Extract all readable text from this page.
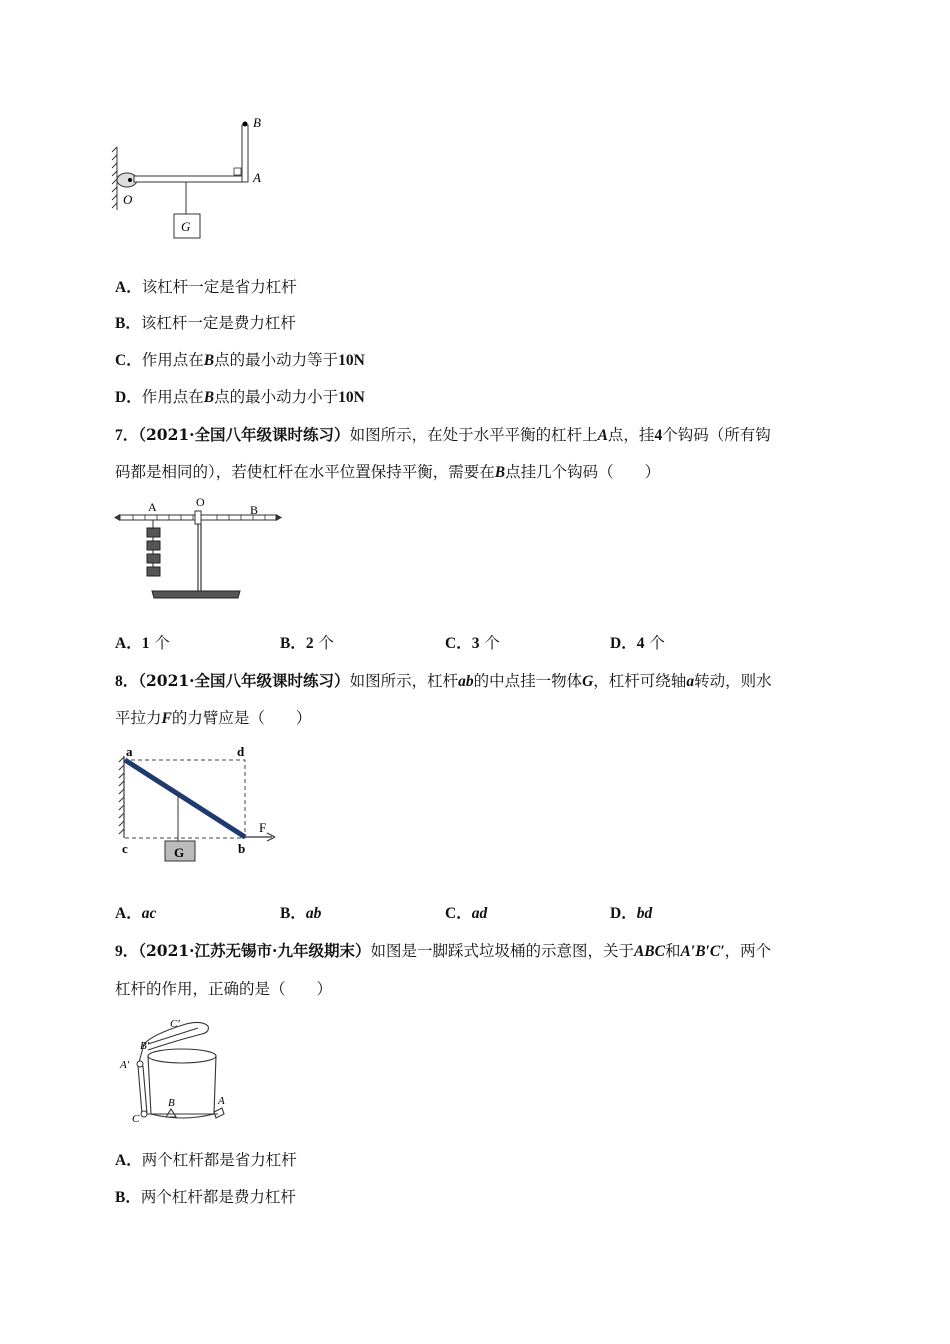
B
A
O
G
A．该杠杆一定是省力杠杆
B．该杠杆一定是费力杠杆
C．作用点在B点的最小动力等于10N
D．作用点在B点的最小动力小于10N
7．（2021·全国八年级课时练习）如图所示，在处于水平平衡的杠杆上A点，挂4个钩码（所有钩
码都是相同的），若使杠杆在水平位置保持平衡，需要在B点挂几个钩码（　　）
A	O
B
A．1 个	B．2 个	C．3 个	D．4 个
8．（2021·全国八年级课时练习）如图所示，杠杆ab的中点挂一物体G，杠杆可绕轴a转动，则水
平拉力F的力臂应是（　　）
a	d
c	b
F
G
A．ac	B．ab	C．ad	D．bd
9．（2021·江苏无锡市·九年级期末）如图是一脚踩式垃圾桶的示意图，关于ABC和A′B′C′，两个
杠杆的作用，正确的是（　　）
C′
B′
A′
C
B	A
A．两个杠杆都是省力杠杆
B．两个杠杆都是费力杠杆
